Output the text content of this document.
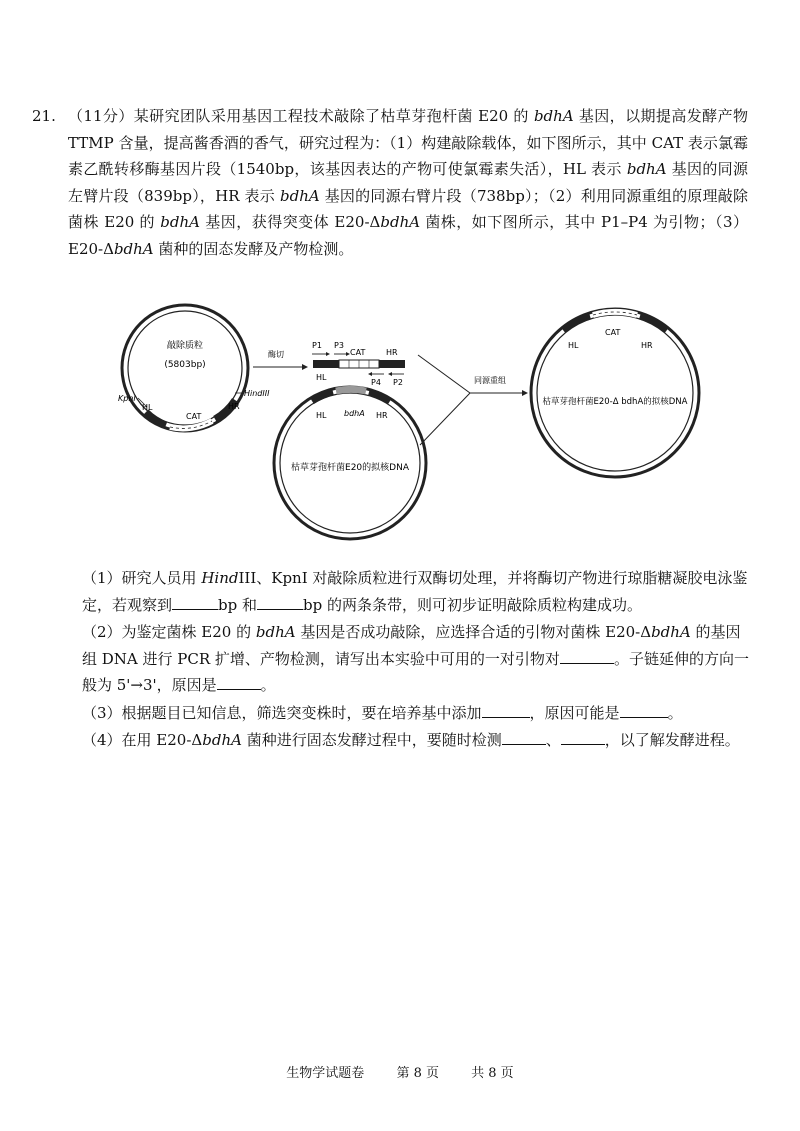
21. （11分）某研究团队采用基因工程技术敲除了枯草芽孢杆菌 E20 的 bdhA 基因，以期提高发酵产物 TTMP 含量，提高酱香酒的香气，研究过程为：（1）构建敲除载体，如下图所示，其中 CAT 表示氯霉素乙酰转移酶基因片段（1540bp，该基因表达的产物可使氯霉素失活），HL 表示 bdhA 基因的同源左臂片段（839bp），HR 表示 bdhA 基因的同源右臂片段（738bp）；（2）利用同源重组的原理敲除菌株 E20 的 bdhA 基因，获得突变体 E20-ΔbdhA 菌株，如下图所示，其中 P1–P4 为引物；（3）E20-ΔbdhA 菌种的固态发酵及产物检测。
敲除质粒
(5803bp)
KpnI
HL
CAT
HR
HindIII
酶切
P1 P3
CAT	HR
HL
P4 P2
HL bdhA HR
枯草芽孢杆菌E20的拟核DNA
同源重组
CAT
HL	HR
枯草芽孢杆菌E20-Δ bdhA的拟核DNA
（1）研究人员用 HindIII、KpnI 对敲除质粒进行双酶切处理，并将酶切产物进行琼脂糖凝胶电泳鉴定，若观察到	bp 和	bp 的两条条带，则可初步证明敲除质粒构建成功。
（2）为鉴定菌株 E20 的 bdhA 基因是否成功敲除，应选择合适的引物对菌株 E20-ΔbdhA 的基因组 DNA 进行 PCR 扩增、产物检测，请写出本实验中可用的一对引物对	。子链延伸的方向一般为 5'→3'，原因是	。
（3）根据题目已知信息，筛选突变株时，要在培养基中添加	，原因可能是	。
（4）在用 E20-ΔbdhA 菌种进行固态发酵过程中，要随时检测	、	，以了解发酵进程。
生物学试题卷 第 8 页 共 8 页
